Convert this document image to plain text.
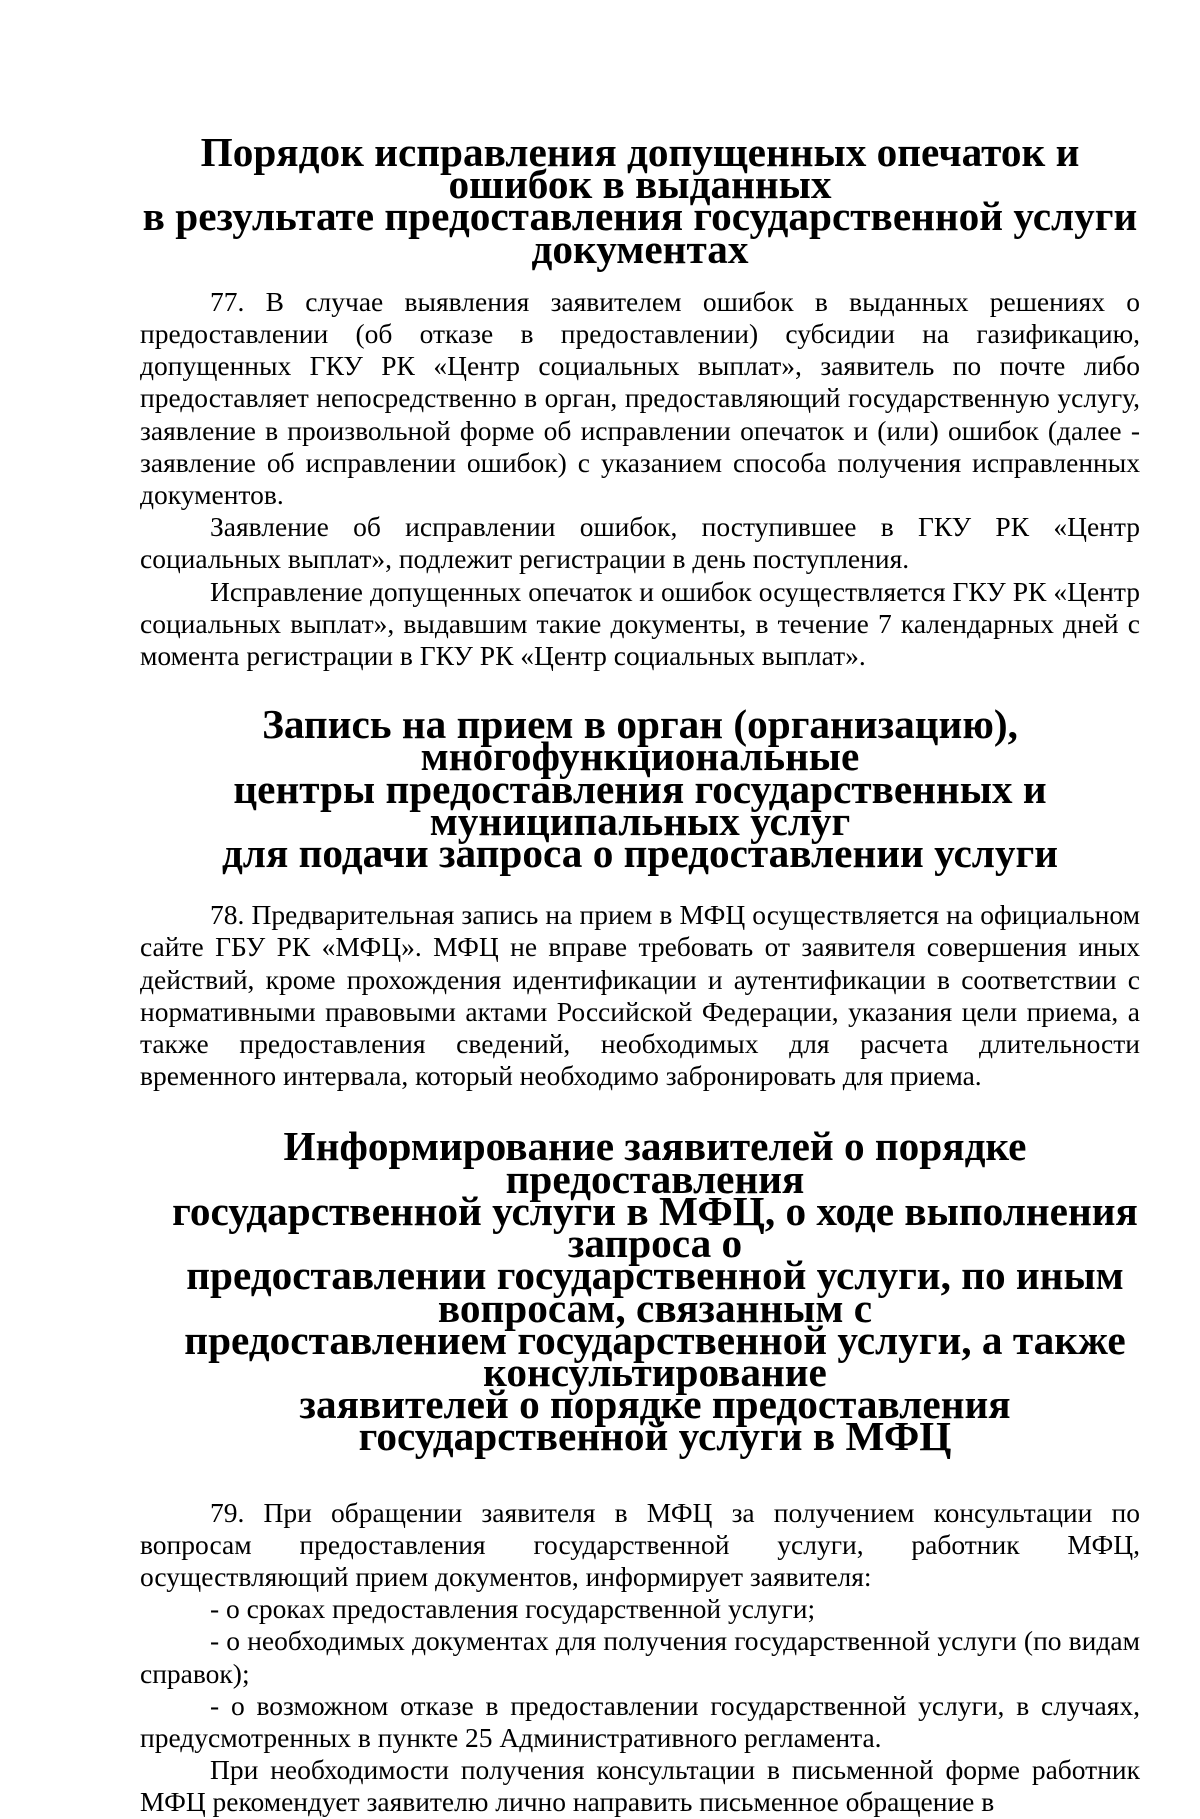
Порядок исправления допущенных опечаток и ошибок в выданных
в результате предоставления государственной услуги документах

77. В случае выявления заявителем ошибок в выданных решениях о предоставлении (об отказе в предоставлении) субсидии на газификацию, допущенных ГКУ РК «Центр социальных выплат», заявитель по почте либо предоставляет непосредственно в орган, предоставляющий государственную услугу, заявление в произвольной форме об исправлении опечаток и (или) ошибок (далее - заявление об исправлении ошибок) с указанием способа получения исправленных документов.

Заявление об исправлении ошибок, поступившее в ГКУ РК «Центр социальных выплат», подлежит регистрации в день поступления.

Исправление допущенных опечаток и ошибок осуществляется ГКУ РК «Центр социальных выплат», выдавшим такие документы, в течение 7 календарных дней с момента регистрации в ГКУ РК «Центр социальных выплат».

Запись на прием в орган (организацию), многофункциональные
центры предоставления государственных и муниципальных услуг
для подачи запроса о предоставлении услуги

78. Предварительная запись на прием в МФЦ осуществляется на официальном сайте ГБУ РК «МФЦ». МФЦ не вправе требовать от заявителя совершения иных действий, кроме прохождения идентификации и аутентификации в соответствии с нормативными правовыми актами Российской Федерации, указания цели приема, а также предоставления сведений, необходимых для расчета длительности временного интервала, который необходимо забронировать для приема.

Информирование заявителей о порядке предоставления
государственной услуги в МФЦ, о ходе выполнения запроса о
предоставлении государственной услуги, по иным вопросам, связанным с
предоставлением государственной услуги, а также консультирование
заявителей о порядке предоставления государственной услуги в МФЦ

79. При обращении заявителя в МФЦ за получением консультации по вопросам предоставления государственной услуги, работник МФЦ, осуществляющий прием документов, информирует заявителя:

- о сроках предоставления государственной услуги;

- о необходимых документах для получения государственной услуги (по видам справок);

- о возможном отказе в предоставлении государственной услуги, в случаях, предусмотренных в пункте 25 Административного регламента.

При необходимости получения консультации в письменной форме работник МФЦ рекомендует заявителю лично направить письменное обращение в
